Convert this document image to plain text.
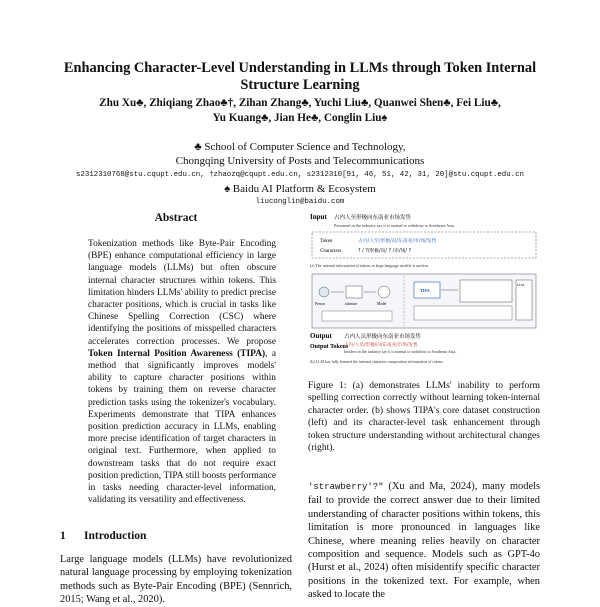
Enhancing Character-Level Understanding in LLMs through Token Internal Structure Learning
Zhu Xu♣, Zhiqiang Zhao♣†, Zihan Zhang♣, Yuchi Liu♣, Quanwei Shen♣, Fei Liu♣,
Yu Kuang♣, Jian He♣, Conglin Liu♠
♣ School of Computer Science and Technology,
Chongqing University of Posts and Telecommunications
s2312310768@stu.cqupt.edu.cn, †zhaozq@cqupt.edu.cn, s2312310[91, 46, 51, 42, 31, 20]@stu.cqupt.edu.cn
♠ Baidu AI Platform & Ecosystem
liuconglin@baidu.com
Abstract
Tokenization methods like Byte-Pair Encoding (BPE) enhance computational efficiency in large language models (LLMs) but often obscure internal character structures within tokens. This limitation hinders LLMs' ability to predict precise character positions, which is crucial in tasks like Chinese Spelling Correction (CSC) where identifying the positions of misspelled characters accelerates correction processes. We propose Token Internal Position Awareness (TIPA), a method that significantly improves models' ability to capture character positions within tokens by training them on reverse character prediction tasks using the tokenizer's vocabulary. Experiments demonstrate that TIPA enhances position prediction accuracy in LLMs, enabling more precise identification of target characters in original text. Furthermore, when applied to downstream tasks that do not require exact position prediction, TIPA still boosts performance in tasks needing character-level information, validating its versatility and effectiveness.
1 Introduction
Large language models (LLMs) have revolutionized natural language processing by employing tokenization methods such as Byte-Pair Encoding (BPE) (Sennrich, 2015; Wang et al., 2020).
Input 占内人至形极向东南亚市场发售
Personnel in the industry say it is normal to withdraw to Southeast Asia.
Token	占内/人至/形极/向/东南亚/市/场/发售
Characters	? / ?/形极/向/ ? /市/场/ ?
(a) The internal information of tokens in large language models is unclear.
Person	tokenize	Model
TIPA
LLM
Output 占内人员形极向东南亚市场发售
Output Tokens
占内/人员/形极/向/东南亚/市场/发售
Insiders in the industry say it is normal to withdraw to Southeast Asia.
(b) LLM has fully learned the internal character composition information of tokens.
Figure 1: (a) demonstrates LLMs' inability to perform spelling correction correctly without learning token-internal character order. (b) shows TIPA's core dataset construction (left) and its character-level task enhancement through token structure understanding without architectural changes (right).
'strawberry'?" (Xu and Ma, 2024), many models fail to provide the correct answer due to their limited understanding of character positions within tokens, this limitation is more pronounced in languages like Chinese, where meaning relies heavily on character composition and sequence. Models such as GPT-4o (Hurst et al., 2024) often misidentify specific character positions in the tokenized text. For example, when asked to locate the
